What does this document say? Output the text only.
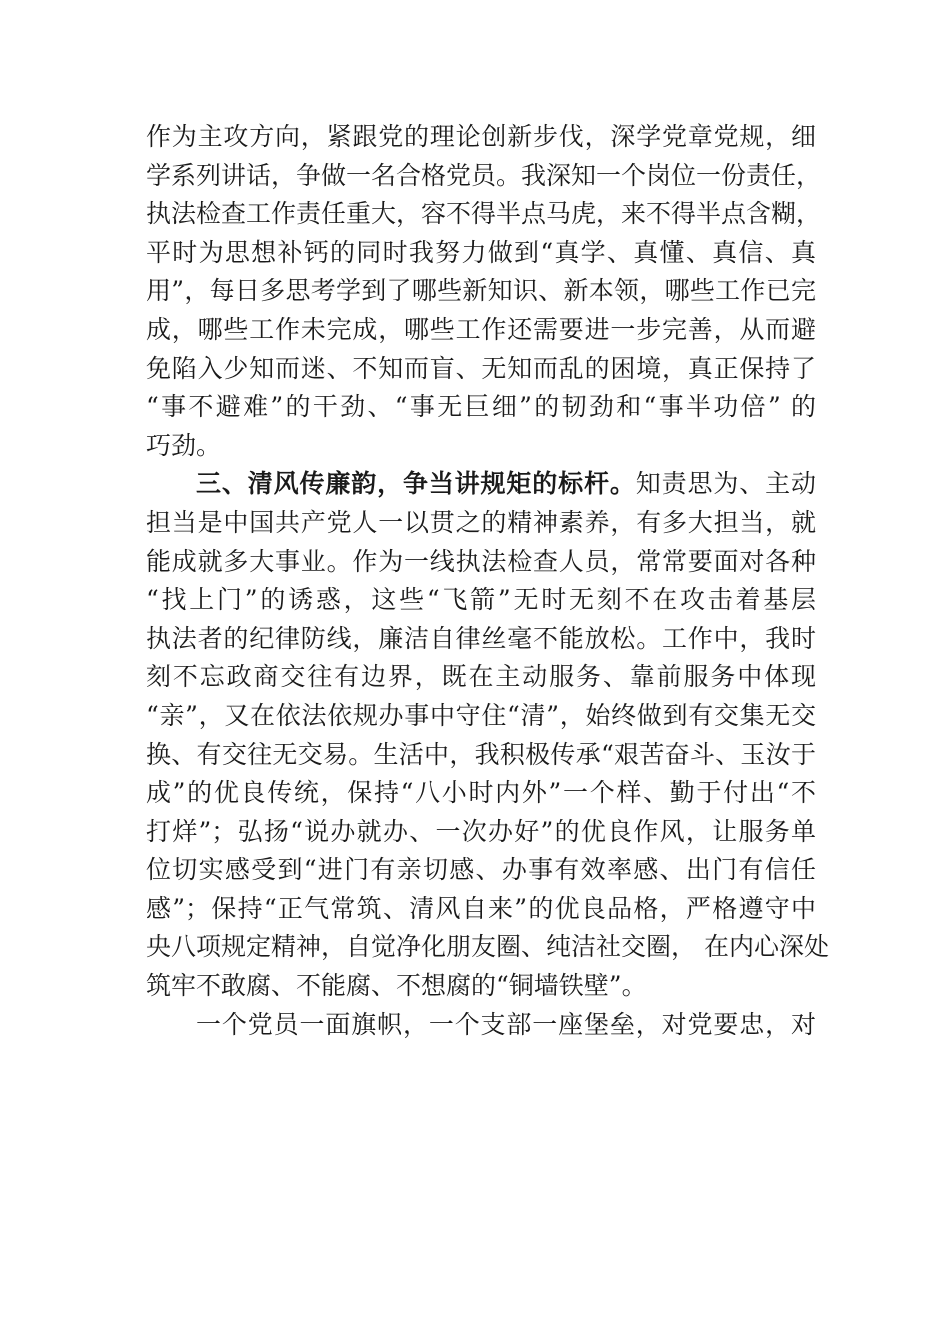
作为主攻方向，紧跟党的理论创新步伐，深学党章党规，细
学系列讲话，争做一名合格党员。我深知一个岗位一份责任，
执法检查工作责任重大，容不得半点马虎，来不得半点含糊，
平时为思想补钙的同时我努力做到“真学、真懂、真信、真
用”，每日多思考学到了哪些新知识、新本领，哪些工作已完
成，哪些工作未完成，哪些工作还需要进一步完善，从而避
免陷入少知而迷、不知而盲、无知而乱的困境，真正保持了
“事不避难”的干劲、“事无巨细”的韧劲和“事半功倍” 的
巧劲。
三、清风传廉韵，争当讲规矩的标杆。知责思为、主动
担当是中国共产党人一以贯之的精神素养，有多大担当，就
能成就多大事业。作为一线执法检查人员，常常要面对各种
“找上门”的诱惑，这些“飞箭”无时无刻不在攻击着基层
执法者的纪律防线，廉洁自律丝毫不能放松。工作中，我时
刻不忘政商交往有边界，既在主动服务、靠前服务中体现
“亲”，又在依法依规办事中守住“清”，始终做到有交集无交
换、有交往无交易。生活中，我积极传承“艰苦奋斗、玉汝于
成”的优良传统，保持“八小时内外”一个样、勤于付出“不
打烊”；弘扬“说办就办、一次办好”的优良作风，让服务单
位切实感受到“进门有亲切感、办事有效率感、出门有信任
感”；保持“正气常筑、清风自来”的优良品格，严格遵守中
央八项规定精神，自觉净化朋友圈、纯洁社交圈， 在内心深处
筑牢不敢腐、不能腐、不想腐的“铜墙铁壁”。
一个党员一面旗帜，一个支部一座堡垒，对党要忠，对
